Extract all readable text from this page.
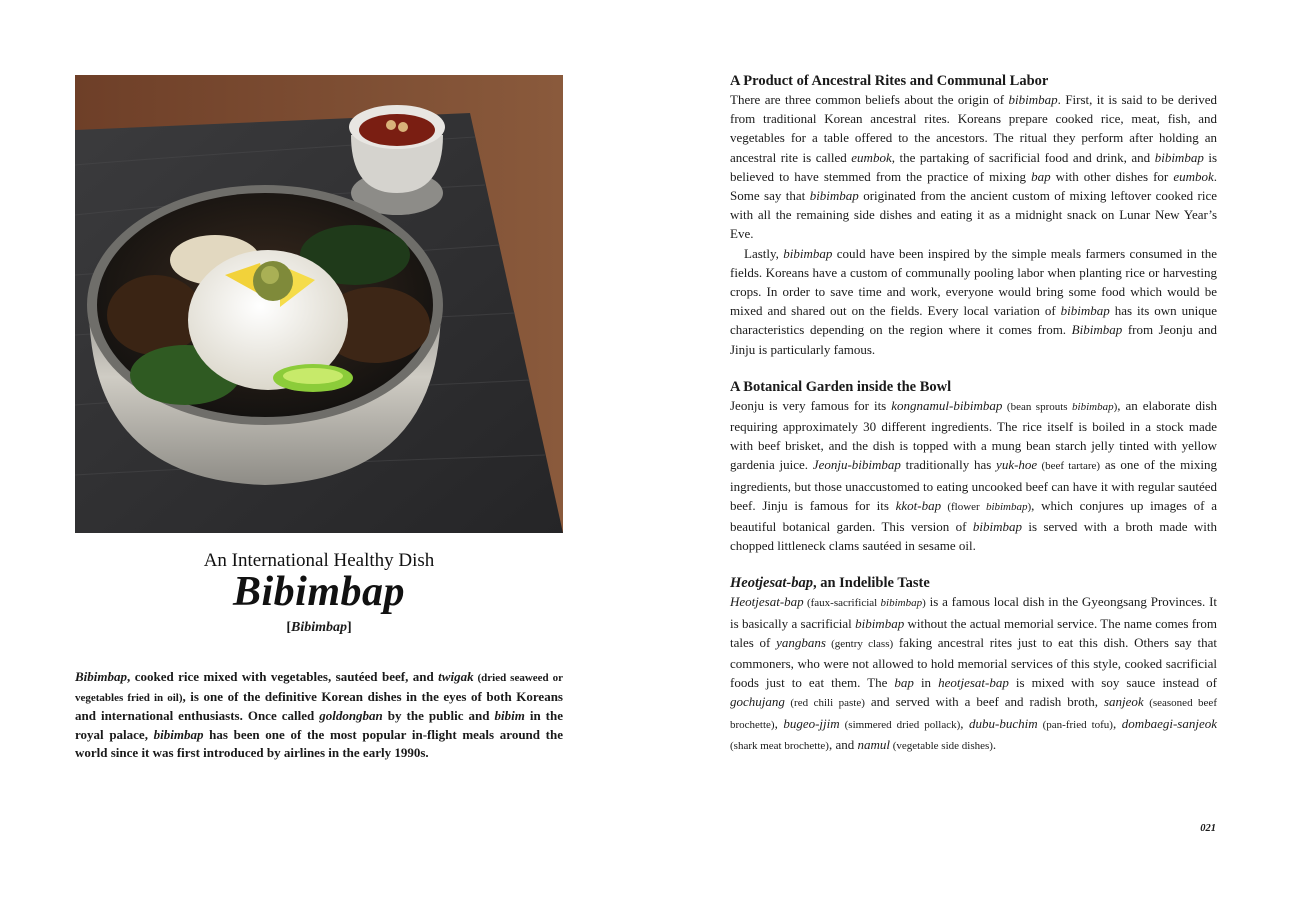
An International Healthy Dish
Bibimbap
[Bibimbap]

Bibimbap, cooked rice mixed with vegetables, sautéed beef, and twigak (dried seaweed or vegetables fried in oil), is one of the definitive Korean dishes in the eyes of both Koreans and international enthusiasts. Once called goldongban by the public and bibim in the royal palace, bibimbap has been one of the most popular in-flight meals around the world since it was first introduced by airlines in the early 1990s.

A Product of Ancestral Rites and Communal Labor

There are three common beliefs about the origin of bibimbap. First, it is said to be derived from traditional Korean ancestral rites. Koreans prepare cooked rice, meat, fish, and vegetables for a table offered to the ancestors. The ritual they perform after holding an ancestral rite is called eumbok, the partaking of sacrificial food and drink, and bibimbap is believed to have stemmed from the practice of mixing bap with other dishes for eumbok. Some say that bibimbap originated from the ancient custom of mixing leftover cooked rice with all the remaining side dishes and eating it as a midnight snack on Lunar New Year’s Eve.

Lastly, bibimbap could have been inspired by the simple meals farmers consumed in the fields. Koreans have a custom of communally pooling labor when planting rice or harvesting crops. In order to save time and work, everyone would bring some food which would be mixed and shared out on the fields. Every local variation of bibimbap has its own unique characteristics depending on the region where it comes from. Bibimbap from Jeonju and Jinju is particularly famous.

A Botanical Garden inside the Bowl

Jeonju is very famous for its kongnamul-bibimbap (bean sprouts bibimbap), an elaborate dish requiring approximately 30 different ingredients. The rice itself is boiled in a stock made with beef brisket, and the dish is topped with a mung bean starch jelly tinted with yellow gardenia juice. Jeonju-bibimbap traditionally has yuk-hoe (beef tartare) as one of the mixing ingredients, but those unaccustomed to eating uncooked beef can have it with regular sautéed beef. Jinju is famous for its kkot-bap (flower bibimbap), which conjures up images of a beautiful botanical garden. This version of bibimbap is served with a broth made with chopped littleneck clams sautéed in sesame oil.

Heotjesat-bap, an Indelible Taste

Heotjesat-bap (faux-sacrificial bibimbap) is a famous local dish in the Gyeongsang Provinces. It is basically a sacrificial bibimbap without the actual memorial service. The name comes from tales of yangbans (gentry class) faking ancestral rites just to eat this dish. Others say that commoners, who were not allowed to hold memorial services of this style, cooked sacrificial foods just to eat them. The bap in heotjesat-bap is mixed with soy sauce instead of gochujang (red chili paste) and served with a beef and radish broth, sanjeok (seasoned beef brochette), bugeo-jjim (simmered dried pollack), dubu-buchim (pan-fried tofu), dombaegi-sanjeok (shark meat brochette), and namul (vegetable side dishes).

021
